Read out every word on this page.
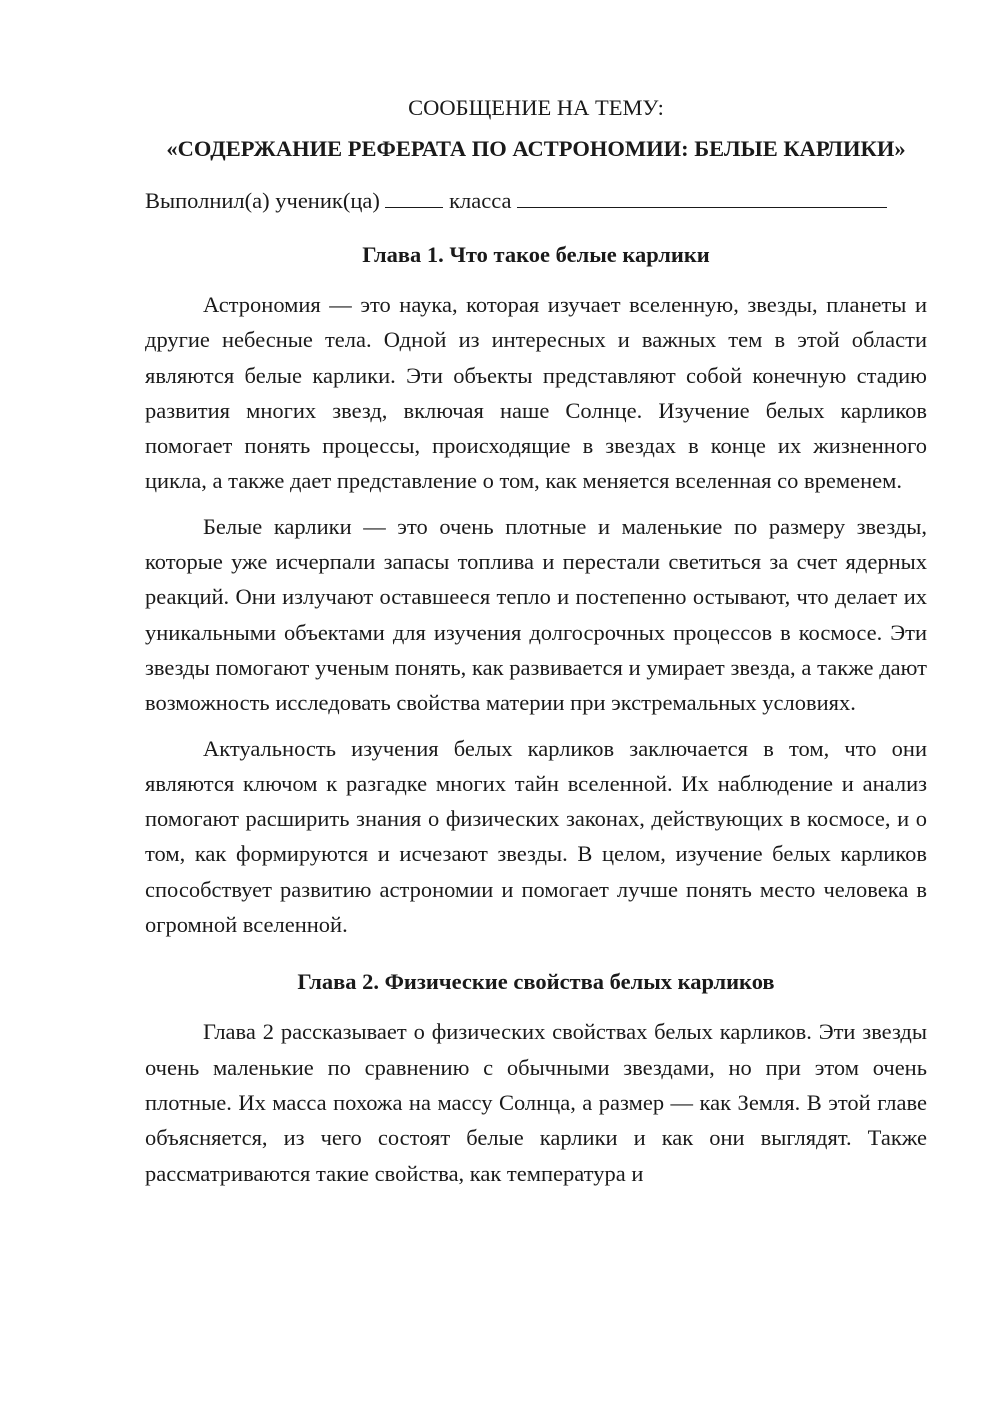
СООБЩЕНИЕ НА ТЕМУ:

«СОДЕРЖАНИЕ РЕФЕРАТА ПО АСТРОНОМИИ: БЕЛЫЕ КАРЛИКИ»

Выполнил(а) ученик(ца)	класса

Глава 1. Что такое белые карлики

Астрономия — это наука, которая изучает вселенную, звезды, планеты и другие небесные тела. Одной из интересных и важных тем в этой области являются белые карлики. Эти объекты представляют собой конечную стадию развития многих звезд, включая наше Солнце. Изучение белых карликов помогает понять процессы, происходящие в звездах в конце их жизненного цикла, а также дает представление о том, как меняется вселенная со временем.

Белые карлики — это очень плотные и маленькие по размеру звезды, которые уже исчерпали запасы топлива и перестали светиться за счет ядерных реакций. Они излучают оставшееся тепло и постепенно остывают, что делает их уникальными объектами для изучения долгосрочных процессов в космосе. Эти звезды помогают ученым понять, как развивается и умирает звезда, а также дают возможность исследовать свойства материи при экстремальных условиях.

Актуальность изучения белых карликов заключается в том, что они являются ключом к разгадке многих тайн вселенной. Их наблюдение и анализ помогают расширить знания о физических законах, действующих в космосе, и о том, как формируются и исчезают звезды. В целом, изучение белых карликов способствует развитию астрономии и помогает лучше понять место человека в огромной вселенной.

Глава 2. Физические свойства белых карликов

Глава 2 рассказывает о физических свойствах белых карликов. Эти звезды очень маленькие по сравнению с обычными звездами, но при этом очень плотные. Их масса похожа на массу Солнца, а размер — как Земля. В этой главе объясняется, из чего состоят белые карлики и как они выглядят. Также рассматриваются такие свойства, как температура и
